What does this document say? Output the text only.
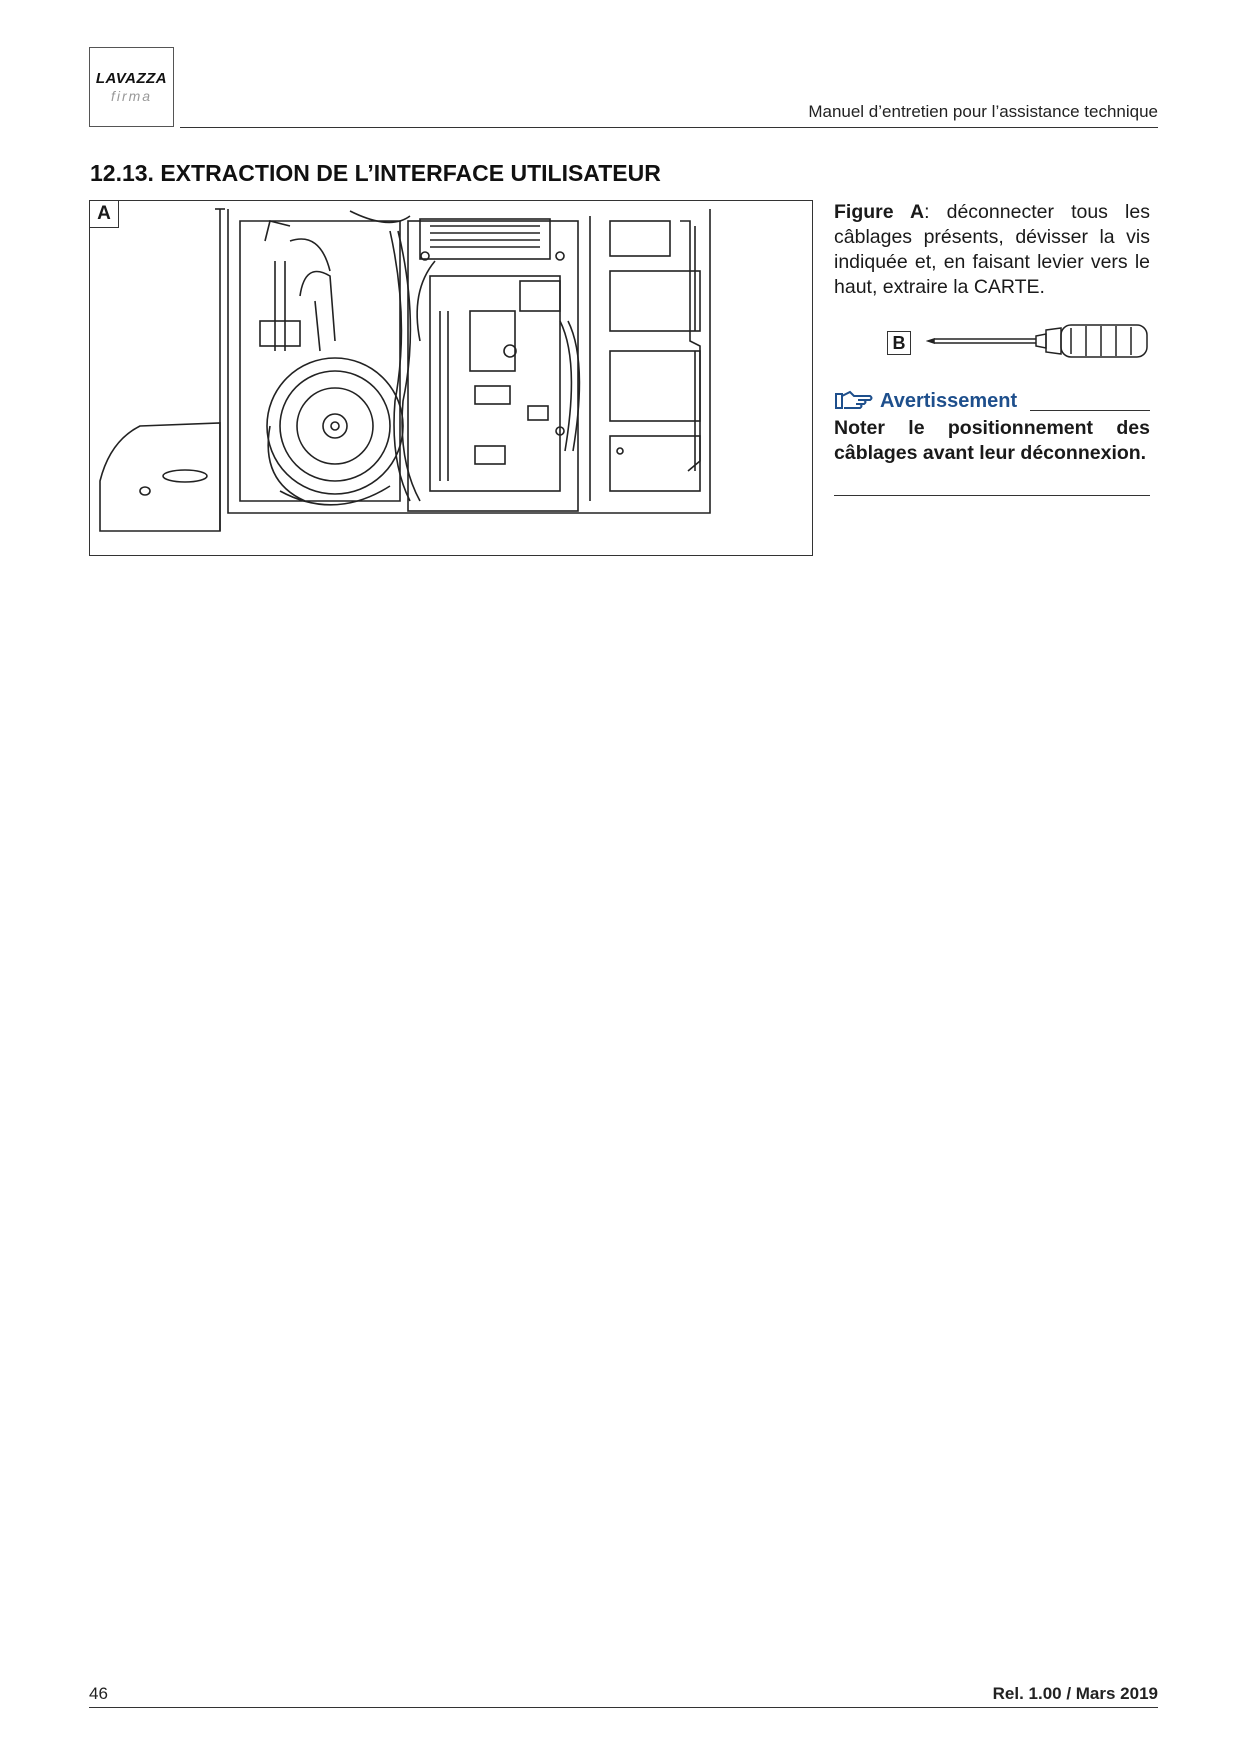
LAVAZZA
firma
Manuel d’entretien pour l’assistance technique
12.13. EXTRACTION DE L’INTERFACE UTILISATEUR
A	Figure A: déconnecter tous les câblages présents, dévisser la vis indiquée et, en faisant levier vers le haut, extraire la CARTE.
B
Avertissement
Noter le positionnement des câblages avant leur déconnexion.
46	Rel. 1.00 / Mars 2019
